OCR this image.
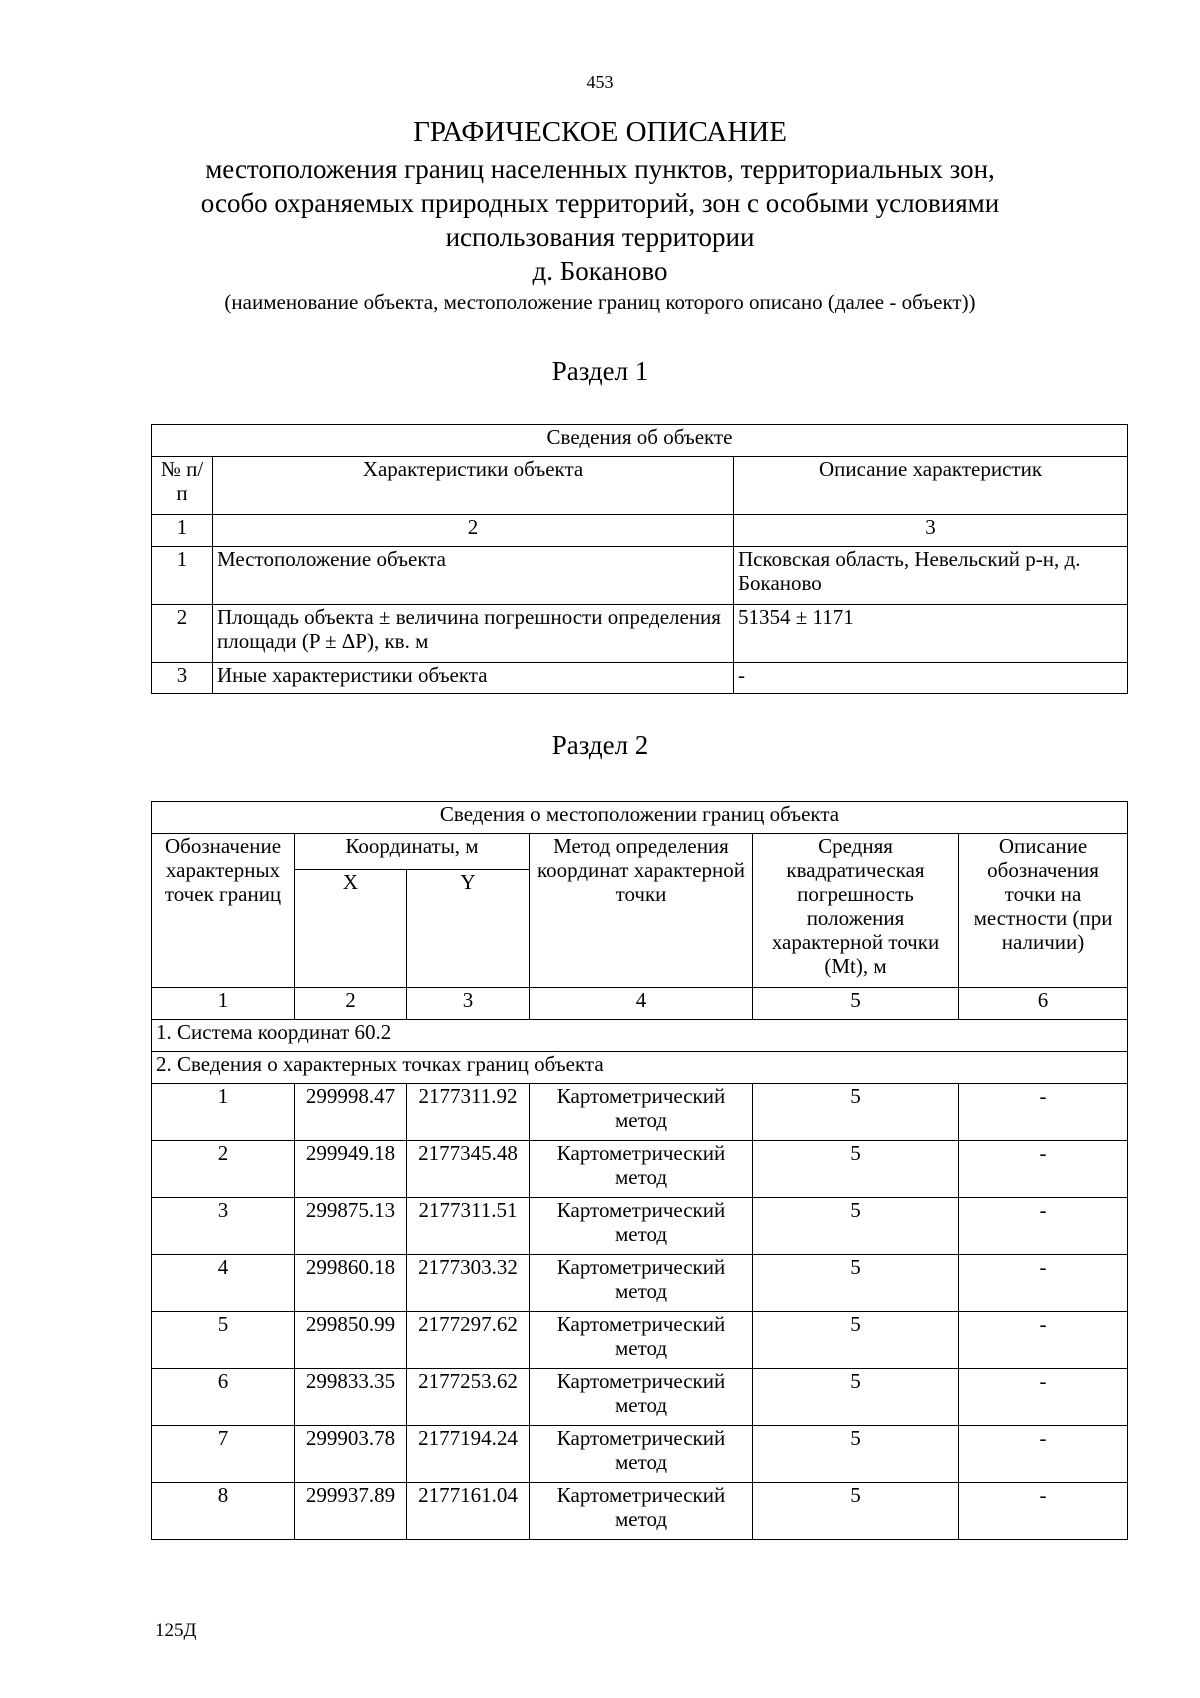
453
ГРАФИЧЕСКОЕ ОПИСАНИЕ
местоположения границ населенных пунктов, территориальных зон,
особо охраняемых природных территорий, зон с особыми условиями
использования территории
д. Боканово
(наименование объекта, местоположение границ которого описано (далее - объект))
Раздел 1
Сведения об объекте		
№ п/п	Характеристики объекта	Описание характеристик
1	2	3
1	Местоположение объекта	Псковская область, Невельский р-н, д. Боканово
2	Площадь объекта ± величина погрешности определения площади (P ± ΔP), кв. м	51354 ± 1171
3	Иные характеристики объекта	-
Раздел 2
Сведения о местоположении границ объекта					
Обозначение характерных точек границ	Координаты, м		Метод определения координат характерной точки	Средняя квадратическая погрешность положения характерной точки (Mt), м	Описание обозначения точки на местности (при наличии)
	X	Y			
1	2	3	4	5	6
1. Система координат 60.2					
2. Сведения о характерных точках границ объекта					
1	299998.47	2177311.92	Картометрический метод	5	-
2	299949.18	2177345.48	Картометрический метод	5	-
3	299875.13	2177311.51	Картометрический метод	5	-
4	299860.18	2177303.32	Картометрический метод	5	-
5	299850.99	2177297.62	Картометрический метод	5	-
6	299833.35	2177253.62	Картометрический метод	5	-
7	299903.78	2177194.24	Картометрический метод	5	-
8	299937.89	2177161.04	Картометрический метод	5	-
125Д
